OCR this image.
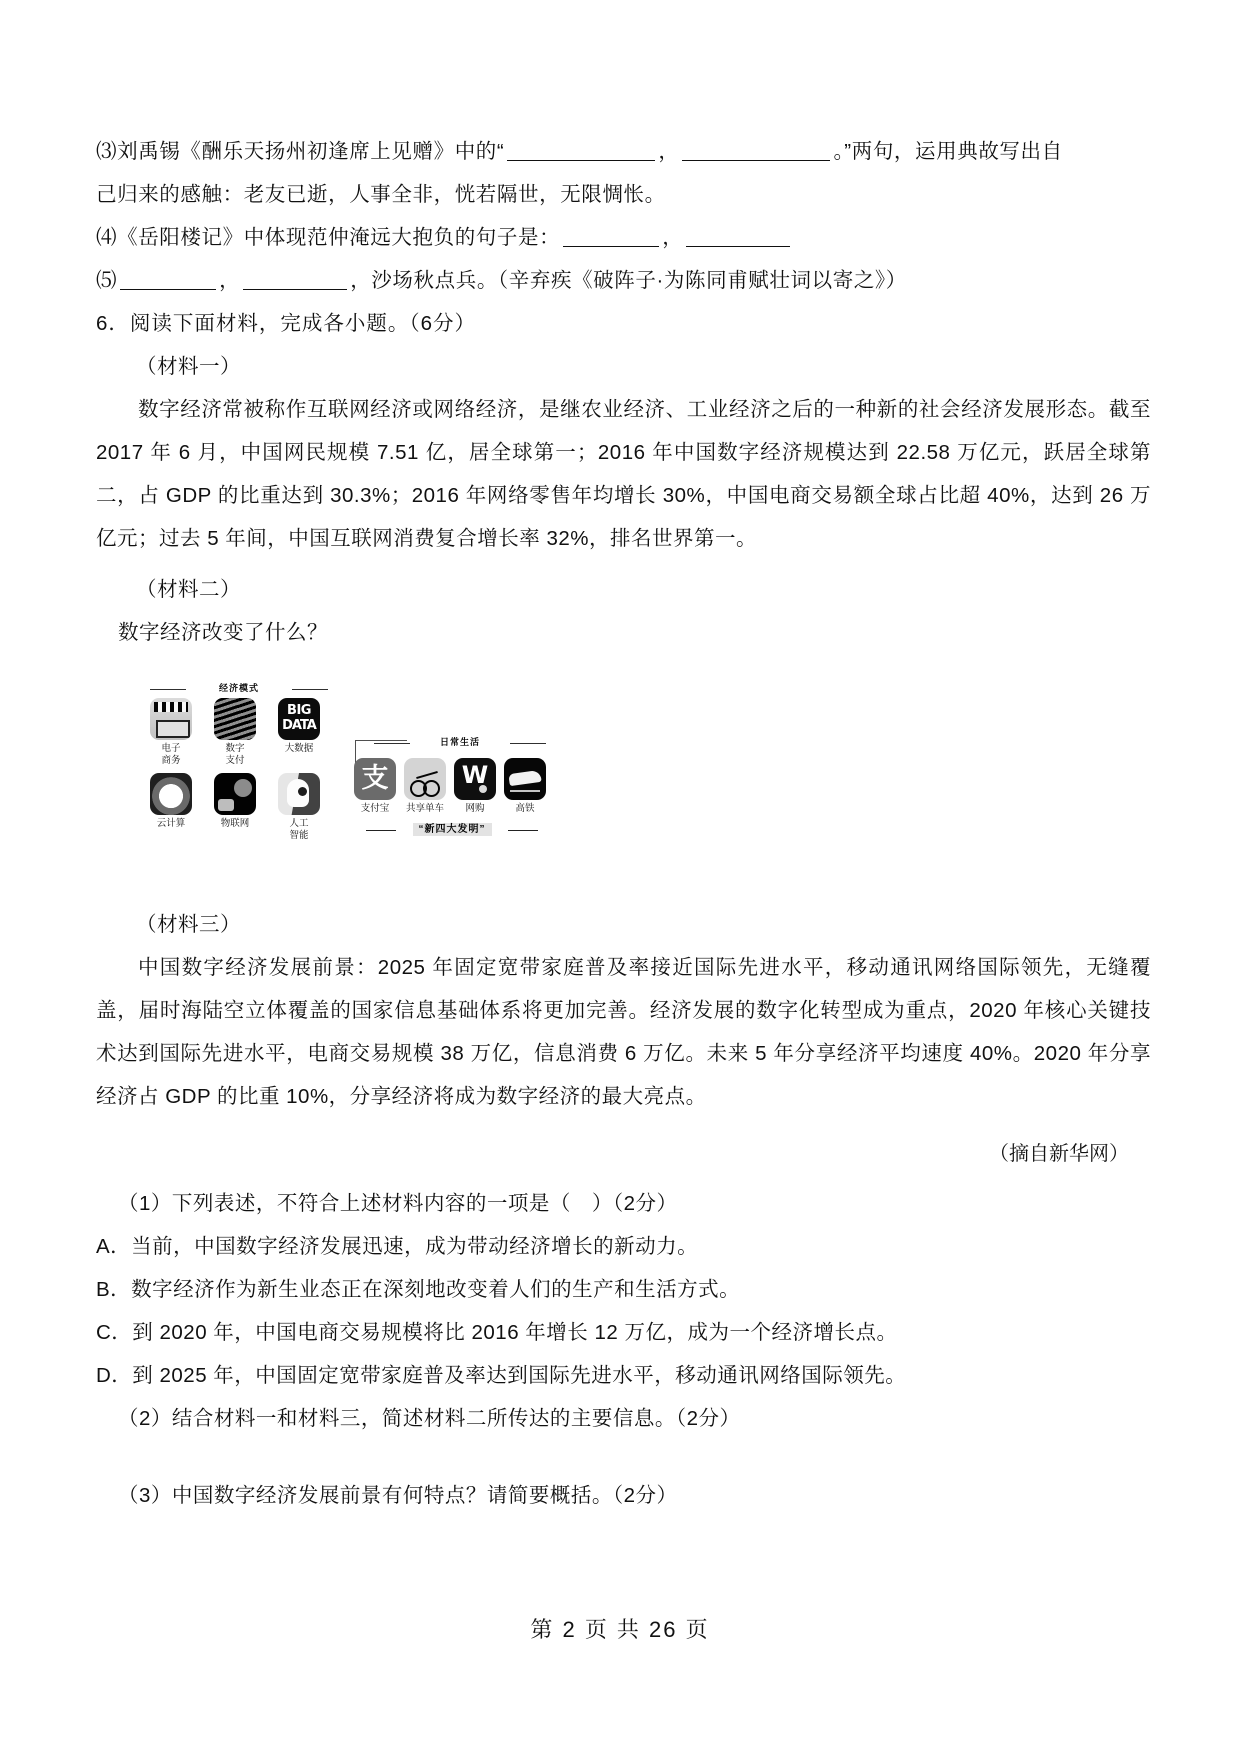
⑶刘禹锡《酬乐天扬州初逢席上见赠》中的“	，	。”两句，运用典故写出自
己归来的感触：老友已逝，人事全非，恍若隔世，无限惆怅。
⑷《岳阳楼记》中体现范仲淹远大抱负的句子是：	，
⑸	，	，沙场秋点兵。（辛弃疾《破阵子·为陈同甫赋壮词以寄之》）
6．阅读下面材料，完成各小题。（6分）
（材料一）
数字经济常被称作互联网经济或网络经济，是继农业经济、工业经济之后的一种新的社会经济发展形态。截至 2017 年 6 月，中国网民规模 7.51 亿，居全球第一；2016 年中国数字经济规模达到 22.58 万亿元，跃居全球第二，占 GDP 的比重达到 30.3%；2016 年网络零售年均增长 30%，中国电商交易额全球占比超 40%，达到 26 万亿元；过去 5 年间，中国互联网消费复合增长率 32%，排名世界第一。
（材料二）
数字经济改变了什么？
经济模式
电子
商务
数字
支付
BIG DATA
大数据
云计算	物联网	人工
智能
日常生活
支
支付宝	共享单车
W	网购	高铁
“新四大发明”
（材料三）
中国数字经济发展前景：2025 年固定宽带家庭普及率接近国际先进水平，移动通讯网络国际领先，无缝覆盖，届时海陆空立体覆盖的国家信息基础体系将更加完善。经济发展的数字化转型成为重点，2020 年核心关键技术达到国际先进水平，电商交易规模 38 万亿，信息消费 6 万亿。未来 5 年分享经济平均速度 40%。2020 年分享经济占 GDP 的比重 10%，分享经济将成为数字经济的最大亮点。
（摘自新华网）
（1）下列表述，不符合上述材料内容的一项是（　）（2分）
A．当前，中国数字经济发展迅速，成为带动经济增长的新动力。
B．数字经济作为新生业态正在深刻地改变着人们的生产和生活方式。
C．到 2020 年，中国电商交易规模将比 2016 年增长 12 万亿，成为一个经济增长点。
D．到 2025 年，中国固定宽带家庭普及率达到国际先进水平，移动通讯网络国际领先。
（2）结合材料一和材料三，简述材料二所传达的主要信息。（2分）
（3）中国数字经济发展前景有何特点？请简要概括。（2分）
第 2 页 共 26 页
